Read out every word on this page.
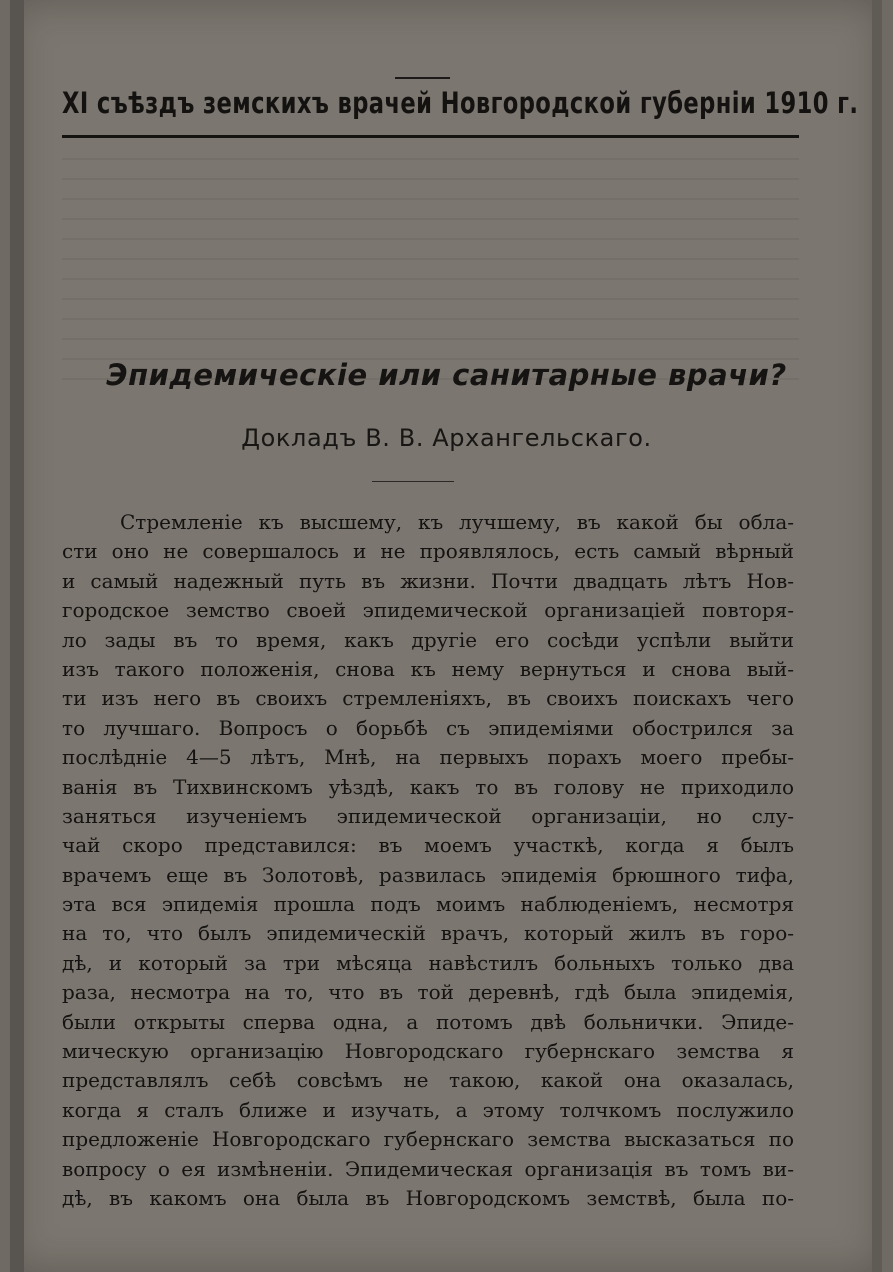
XI съѣздъ земскихъ врачей Новгородской губерніи 1910 г.
Эпидемическіе или санитарные врачи?
Докладъ В. В. Архангельскаго.
Стремленіе къ высшему, къ лучшему, въ какой бы обла-
сти оно не совершалось и не проявлялось, есть самый вѣрный
и самый надежный путь въ жизни. Почти двадцать лѣтъ Нов-
городское земство своей эпидемической организаціей повторя-
ло зады въ то время, какъ другіе его сосѣди успѣли выйти
изъ такого положенія, снова къ нему вернуться и снова вый-
ти изъ него въ своихъ стремленіяхъ, въ своихъ поискахъ чего
то лучшаго. Вопросъ о борьбѣ съ эпидеміями обострился за
послѣдніе 4—5 лѣтъ, Мнѣ, на первыхъ порахъ моего пребы-
ванія въ Тихвинскомъ уѣздѣ, какъ то въ голову не приходило
заняться изученіемъ эпидемической организаціи, но слу-
чай скоро представился: въ моемъ участкѣ, когда я былъ
врачемъ еще въ Золотовѣ, развилась эпидемія брюшного тифа,
эта вся эпидемія прошла подъ моимъ наблюденіемъ, несмотря
на то, что былъ эпидемическій врачъ, который жилъ въ горо-
дѣ, и который за три мѣсяца навѣстилъ больныхъ только два
раза, несмотра на то, что въ той деревнѣ, гдѣ была эпидемія,
были открыты сперва одна, а потомъ двѣ больнички. Эпиде-
мическую организацію Новгородскаго губернскаго земства я
представлялъ себѣ совсѣмъ не такою, какой она оказалась,
когда я сталъ ближе и изучать, а этому толчкомъ послужило
предложеніе Новгородскаго губернскаго земства высказаться по
вопросу о ея измѣненіи. Эпидемическая организація въ томъ ви-
дѣ, въ какомъ она была въ Новгородскомъ земствѣ, была по-
